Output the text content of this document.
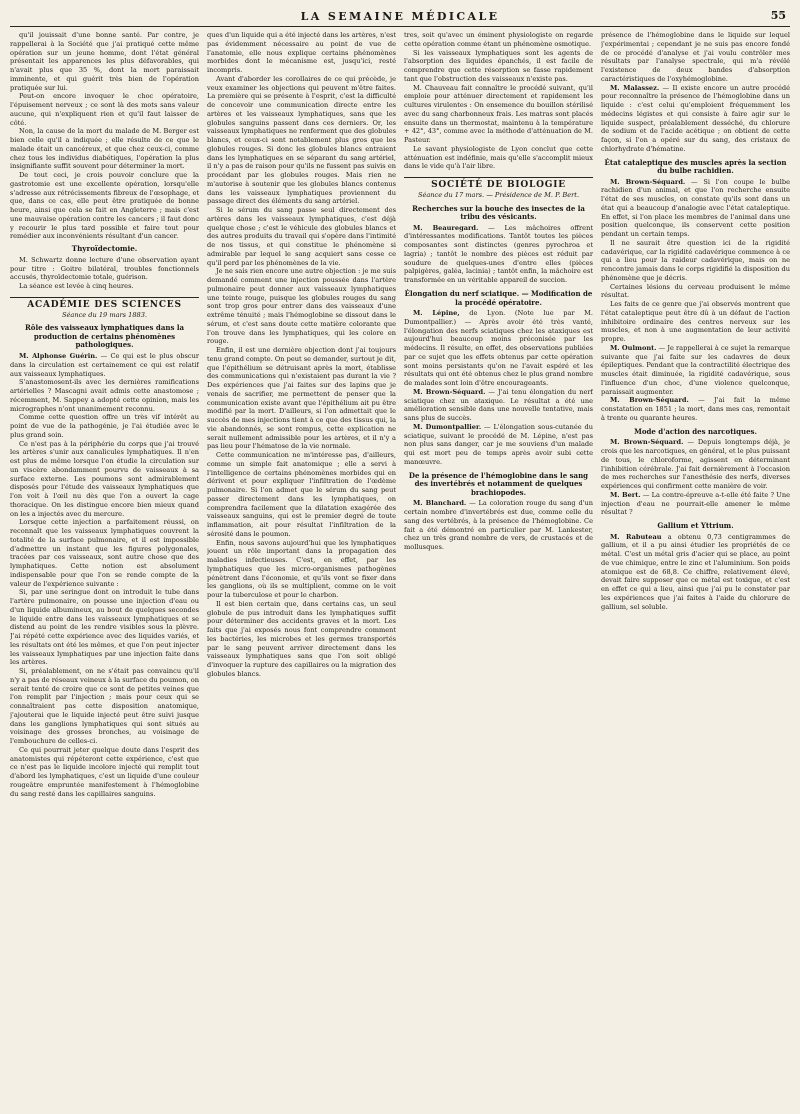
LA SEMAINE MÉDICALE	55

qu'il jouissait d'une bonne santé. Par contre, je rappellerai à la Société que j'ai pratiqué cette même opération sur un jeune homme, dont l'état général présentait les apparences les plus défavorables, qui n'avait plus que 35 %, dont la mort paraissait imminente, et qui guérit très bien de l'opération pratiquée sur lui.

Peut-on encore invoquer le choc opératoire, l'épuisement nerveux ; ce sont là des mots sans valeur aucune, qui n'expliquent rien et qu'il faut laisser de côté.

Non, la cause de la mort du malade de M. Berger est bien celle qu'il a indiquée ; elle résulte de ce que le malade était un cancéreux, et que chez ceux-ci, comme chez tous les individus diabétiques, l'opération la plus insignifiante suffit souvent pour déterminer la mort.

De tout ceci, je crois pouvoir conclure que la gastrotomie est une excellente opération, lorsqu'elle s'adresse aux rétrécissements fibreux de l'œsophage, et que, dans ce cas, elle peut être pratiquée de bonne heure, ainsi que cela se fait en Angleterre ; mais c'est une mauvaise opération contre les cancers ; il faut donc y recourir le plus tard possible et faire tout pour remédier aux inconvénients résultant d'un cancer.

Thyroïdectomie.

M. Schwartz donne lecture d'une observation ayant pour titre : Goitre bilatéral, troubles fonctionnels accusés, thyroïdectomie totale, guérison.

La séance est levée à cinq heures.

ACADÉMIE DES SCIENCES
Séance du 19 mars 1883.
Rôle des vaisseaux lymphatiques dans la production de certains phénomènes pathologiques.

M. Alphonse Guérin. — Ce qui est le plus obscur dans la circulation est certainement ce qui est relatif aux vaisseaux lymphatiques.

S'anastomosent-ils avec les dernières ramifications artérielles ? Mascagni avait admis cette anastomose ; récemment, M. Sappey a adopté cette opinion, mais les micrographes n'ont unanimement reconnu.

Comme cette question offre un très vif intérêt au point de vue de la pathogénie, je l'ai étudiée avec le plus grand soin.

Ce n'est pas à la périphérie du corps que j'ai trouvé les artères s'unir aux canalicules lymphatiques. Il n'en est plus de même lorsque l'on étudie la circulation sur un viscère abondamment pourvu de vaisseaux à sa surface externe. Les poumons sont admirablement disposés pour l'étude des vaisseaux lymphatiques que l'on voit à l'œil nu dès que l'on a ouvert la cage thoracique. On les distingue encore bien mieux quand on les a injectés avec du mercure.

Lorsque cette injection a parfaitement réussi, on reconnaît que les vaisseaux lymphatiques couvrent la totalité de la surface pulmonaire, et il est impossible d'admettre un instant que les figures polygonales, tracées par ces vaisseaux, sont autre chose que des lymphatiques. Cette notion est absolument indispensable pour que l'on se rende compte de la valeur de l'expérience suivante :

Si, par une seringue dont on introduit le tube dans l'artère pulmonaire, on pousse une injection d'eau ou d'un liquide albumineux, au bout de quelques secondes le liquide entre dans les vaisseaux lymphatiques et se distend au point de les rendre visibles sous la plèvre. J'ai répété cette expérience avec des liquides variés, et les résultats ont été les mêmes, et que l'on peut injecter les vaisseaux lymphatiques par une injection faite dans les artères.

Si, préalablement, on ne s'était pas convaincu qu'il n'y a pas de réseaux veineux à la surface du poumon, on serait tenté de croire que ce sont de petites veines que l'on remplit par l'injection ; mais pour ceux qui se connaîtraient pas cette disposition anatomique, j'ajouterai que le liquide injecté peut être suivi jusque dans les ganglions lymphatiques qui sont situés au voisinage des grosses bronches, au voisinage de l'embouchure de celles-ci.

Ce qui pourrait jeter quelque doute dans l'esprit des anatomistes qui répéteront cette expérience, c'est que ce n'est pas le liquide incolore injecté qui remplit tout d'abord les lymphatiques, c'est un liquide d'une couleur rougeâtre empruntée manifestement à l'hémoglobine du sang resté dans les capillaires sanguins.

ques d'un liquide qui a été injecté dans les artères, n'est pas évidemment nécessaire au point de vue de l'anatomie, elle nous explique certains phénomènes morbides dont le mécanisme est, jusqu'ici, resté incompris.

Avant d'aborder les corollaires de ce qui précède, je veux examiner les objections qui peuvent m'être faites. La première qui se présente à l'esprit, c'est la difficulté de concevoir une communication directe entre les artères et les vaisseaux lymphatiques, sans que les globules sanguins passent dans ces derniers. Or, les vaisseaux lymphatiques ne renferment que des globules blancs, et ceux-ci sont notablement plus gros que les globules rouges. Si donc les globules blancs entraient dans les lymphatiques en se séparant du sang artériel, il n'y a pas de raison pour qu'ils ne fussent pas suivis en procédant par les globules rouges. Mais rien ne m'autorise à soutenir que les globules blancs contenus dans les vaisseaux lymphatiques proviennent du passage direct des éléments du sang artériel.

Si le sérum du sang passe seul directement des artères dans les vaisseaux lymphatiques, c'est déjà quelque chose ; c'est le véhicule des globules blancs et des autres produits du travail qui s'opère dans l'intimité de nos tissus, et qui constitue le phénomène si admirable par lequel le sang acquiert sans cesse ce qu'il perd par les phénomènes de la vie.

Je ne sais rien encore une autre objection : je me suis demandé comment une injection poussée dans l'artère pulmonaire peut donner aux vaisseaux lymphatiques une teinte rouge, puisque les globules rouges du sang sont trop gros pour entrer dans des vaisseaux d'une extrême ténuité ; mais l'hémoglobine se dissout dans le sérum, et c'est sans doute cette matière colorante que l'on trouve dans les lymphatiques, qui les colore en rouge.

Enfin, il est une dernière objection dont j'ai toujours tenu grand compte. On peut se demander, surtout je dit, que l'épithélium se détruisant après la mort, établisse des communications qui n'existaient pas durant la vie ? Des expériences que j'ai faites sur des lapins que je venais de sacrifier, me permettent de penser que la communication existe avant que l'épithélium ait pu être modifié par la mort. D'ailleurs, si l'on admettait que le succès de mes injections tient à ce que des tissus qui, la vie abandonnés, se sont rompus, cette explication ne serait nullement admissible pour les artères, et il n'y a pas lieu pour l'hématose de la vie normale.

Cette communication ne m'intéresse pas, d'ailleurs, comme un simple fait anatomique ; elle a servi à l'intelligence de certains phénomènes morbides qui en dérivent et pour expliquer l'infiltration de l'œdème pulmonaire. Si l'on admet que le sérum du sang peut passer directement dans les lymphatiques, on comprendra facilement que la dilatation exagérée des vaisseaux sanguins, qui est le premier degré de toute inflammation, ait pour résultat l'infiltration de la sérosité dans le poumon.

Enfin, nous savons aujourd'hui que les lymphatiques jouent un rôle important dans la propagation des maladies infectieuses. C'est, en effet, par les lymphatiques que les micro-organismes pathogènes pénètrent dans l'économie, et qu'ils vont se fixer dans les ganglions, où ils se multiplient, comme on le voit pour la tuberculose et pour le charbon.

Il est bien certain que, dans certains cas, un seul globule de pus introduit dans les lymphatiques suffit pour déterminer des accidents graves et la mort. Les faits que j'ai exposés nous font comprendre comment les bactéries, les microbes et les germes transportés par le sang peuvent arriver directement dans les vaisseaux lymphatiques sans que l'on soit obligé d'invoquer la rupture des capillaires ou la migration des globules blancs.

tres, soit qu'avec un éminent physiologiste on regarde cette opération comme étant un phénomène osmotique.

Si les vaisseaux lymphatiques sont les agents de l'absorption des liquides épanchés, il est facile de comprendre que cette résorption se fasse rapidement tant que l'obstruction des vaisseaux n'existe pas.

M. Chauveau fait connaître le procédé suivant, qu'il emploie pour atténuer directement et rapidement les cultures virulentes : On ensemence du bouillon stérilisé avec du sang charbonneux frais. Les matras sont placés ensuite dans un thermostat, maintenu à la température + 42°, 43°, comme avec la méthode d'atténuation de M. Pasteur.

Le savant physiologiste de Lyon conclut que cette atténuation est indéfinie, mais qu'elle s'accomplit mieux dans le vide qu'à l'air libre.

SOCIÉTÉ DE BIOLOGIE
Séance du 17 mars. — Présidence de M. P. Bert.
Recherches sur la bouche des insectes de la tribu des vésicants.

M. Beauregard. — Les mâchoires offrent d'intéressantes modifications. Tantôt toutes les pièces composantes sont distinctes (genres pyrochroa et lagria) ; tantôt le nombre des pièces est réduit par soudure de quelques-unes d'entre elles (pièces palpigères, galéa, lacinia) ; tantôt enfin, la mâchoire est transformée en un véritable appareil de succion.

Élongation du nerf sciatique. — Modification de la procédé opératoire.

M. Lépine, de Lyon. (Note lue par M. Dumontpallier.) — Après avoir été très vanté, l'élongation des nerfs sciatiques chez les ataxiques est aujourd'hui beaucoup moins préconisée par les médecins. Il résulte, en effet, des observations publiées par ce sujet que les effets obtenus par cette opération sont moins persistants qu'on ne l'avait espéré et les résultats qui ont été obtenus chez le plus grand nombre de malades sont loin d'être encourageants.

M. Brown-Séquard. — J'ai tenu élongation du nerf sciatique chez un ataxique. Le résultat a été une amélioration sensible dans une nouvelle tentative, mais sans plus de succès.

M. Dumontpallier. — L'élongation sous-cutanée du sciatique, suivant le procédé de M. Lépine, n'est pas non plus sans danger, car je me souviens d'un malade qui est mort peu de temps après avoir subi cette manœuvre.

De la présence de l'hémoglobine dans le sang des invertébrés et notamment de quelques brachiopodes.

M. Blanchard. — La coloration rouge du sang d'un certain nombre d'invertébrés est due, comme celle du sang des vertébrés, à la présence de l'hémoglobine. Ce fait a été démontré en particulier par M. Lankester, chez un très grand nombre de vers, de crustacés et de mollusques.

présence de l'hémoglobine dans le liquide sur lequel j'expérimentai ; cependant je ne suis pas encore fondé de ce procédé d'analyse et j'ai voulu contrôler mes résultats par l'analyse spectrale, qui m'a révélé l'existence de deux bandes d'absorption caractéristiques de l'oxyhémoglobine.

M. Malassez. — Il existe encore un autre procédé pour reconnaître la présence de l'hémoglobine dans un liquide : c'est celui qu'emploient fréquemment les médecins légistes et qui consiste à faire agir sur le liquide suspect, préalablement desséché, du chlorure de sodium et de l'acide acétique ; on obtient de cette façon, si l'on a opéré sur du sang, des cristaux de chlorhydrate d'hématine.

État cataleptique des muscles après la section du bulbe rachidien.

M. Brown-Séquard. — Si l'on coupe le bulbe rachidien d'un animal, et que l'on recherche ensuite l'état de ses muscles, on constate qu'ils sont dans un état qui a beaucoup d'analogie avec l'état cataleptique. En effet, si l'on place les membres de l'animal dans une position quelconque, ils conservent cette position pendant un certain temps.

Il ne saurait être question ici de la rigidité cadavérique, car la rigidité cadavérique commence à ce qui a lieu pour la raideur cadavérique, mais on ne rencontre jamais dans le corps rigidifié la disposition du phénomène que je décris.

Certaines lésions du cerveau produisent le même résultat.

Les faits de ce genre que j'ai observés montrent que l'état cataleptique peut être dû à un défaut de l'action inhibitoire ordinaire des centres nerveux sur les muscles, et non à une augmentation de leur activité propre.

M. Oulmont. — Je rappellerai à ce sujet la remarque suivante que j'ai faite sur les cadavres de deux épileptiques. Pendant que la contractilité électrique des muscles était diminuée, la rigidité cadavérique, sous l'influence d'un choc, d'une violence quelconque, paraissait augmenter.

M. Brown-Séquard. — J'ai fait la même constatation en 1851 ; la mort, dans mes cas, remontait à trente ou quarante heures.

Mode d'action des narcotiques.

M. Brown-Séquard. — Depuis longtemps déjà, je crois que les narcotiques, en général, et le plus puissant de tous, le chloroforme, agissent en déterminant l'inhibition cérébrale. J'ai fait dernièrement à l'occasion de mes recherches sur l'anesthésie des nerfs, diverses expériences qui confirment cette manière de voir.

M. Bert. — La contre-épreuve a-t-elle été faite ? Une injection d'eau ne pourrait-elle amener le même résultat ?

Gallium et Yttrium.

M. Rabuteau a obtenu 0,73 centigrammes de gallium, et il a pu ainsi étudier les propriétés de ce métal. C'est un métal gris d'acier qui se place, au point de vue chimique, entre le zinc et l'aluminium. Son poids atomique est de 68,8. Ce chiffre, relativement élevé, devait faire supposer que ce métal est toxique, et c'est en effet ce qui a lieu, ainsi que j'ai pu le constater par les expériences que j'ai faites à l'aide du chlorure de gallium, sel soluble.
